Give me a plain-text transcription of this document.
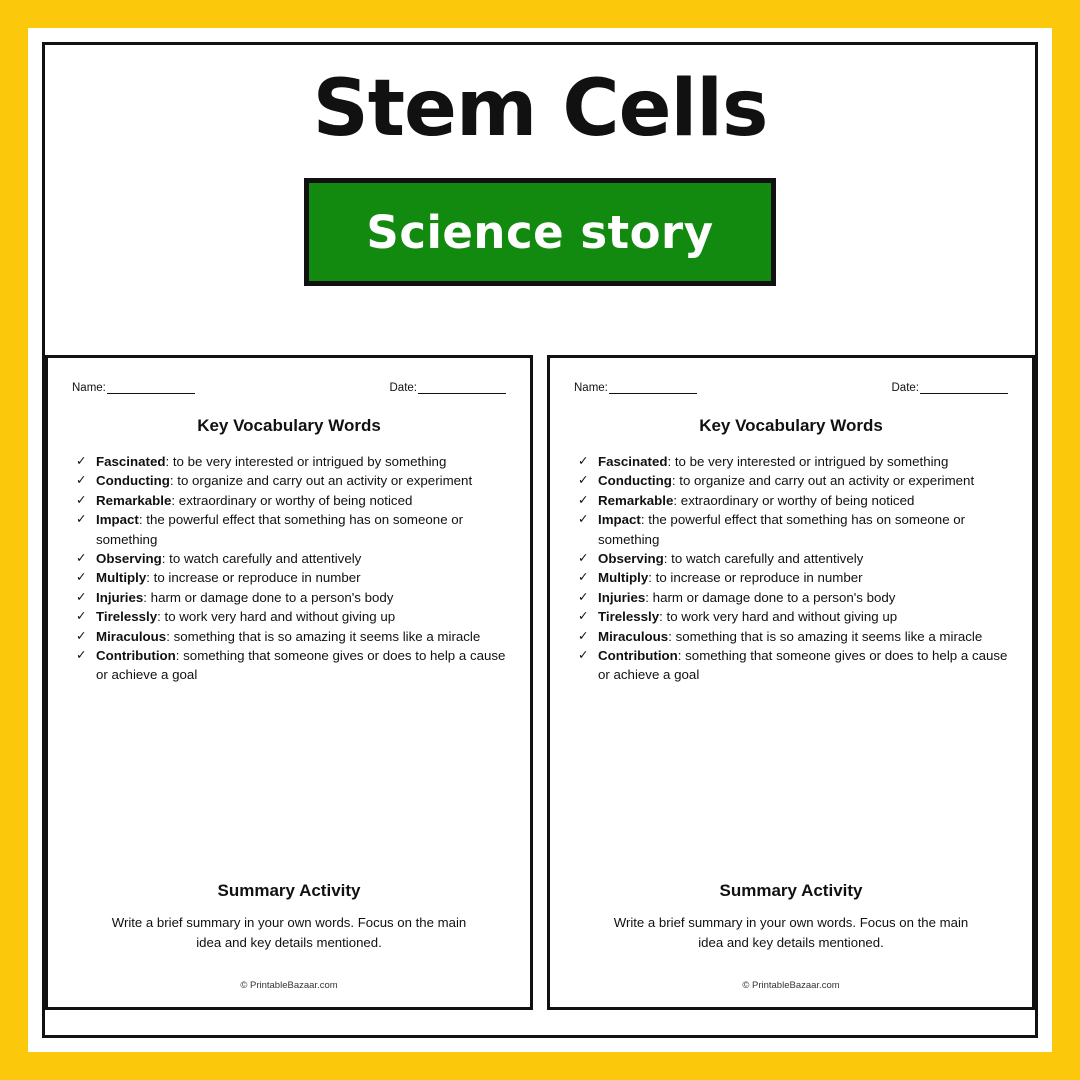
Stem Cells
Science story
Name:	Date:
Key Vocabulary Words
✓ Fascinated: to be very interested or intrigued by something
✓ Conducting: to organize and carry out an activity or experiment
✓ Remarkable: extraordinary or worthy of being noticed
✓ Impact: the powerful effect that something has on someone or something
✓ Observing: to watch carefully and attentively
✓ Multiply: to increase or reproduce in number
✓ Injuries: harm or damage done to a person's body
✓ Tirelessly: to work very hard and without giving up
✓ Miraculous: something that is so amazing it seems like a miracle
✓ Contribution: something that someone gives or does to help a cause or achieve a goal
Summary Activity

Write a brief summary in your own words. Focus on the main idea and key details mentioned.

© PrintableBazaar.com
Name:	Date:
Key Vocabulary Words
✓ Fascinated: to be very interested or intrigued by something
✓ Conducting: to organize and carry out an activity or experiment
✓ Remarkable: extraordinary or worthy of being noticed
✓ Impact: the powerful effect that something has on someone or something
✓ Observing: to watch carefully and attentively
✓ Multiply: to increase or reproduce in number
✓ Injuries: harm or damage done to a person's body
✓ Tirelessly: to work very hard and without giving up
✓ Miraculous: something that is so amazing it seems like a miracle
✓ Contribution: something that someone gives or does to help a cause or achieve a goal
Summary Activity

Write a brief summary in your own words. Focus on the main idea and key details mentioned.

© PrintableBazaar.com
